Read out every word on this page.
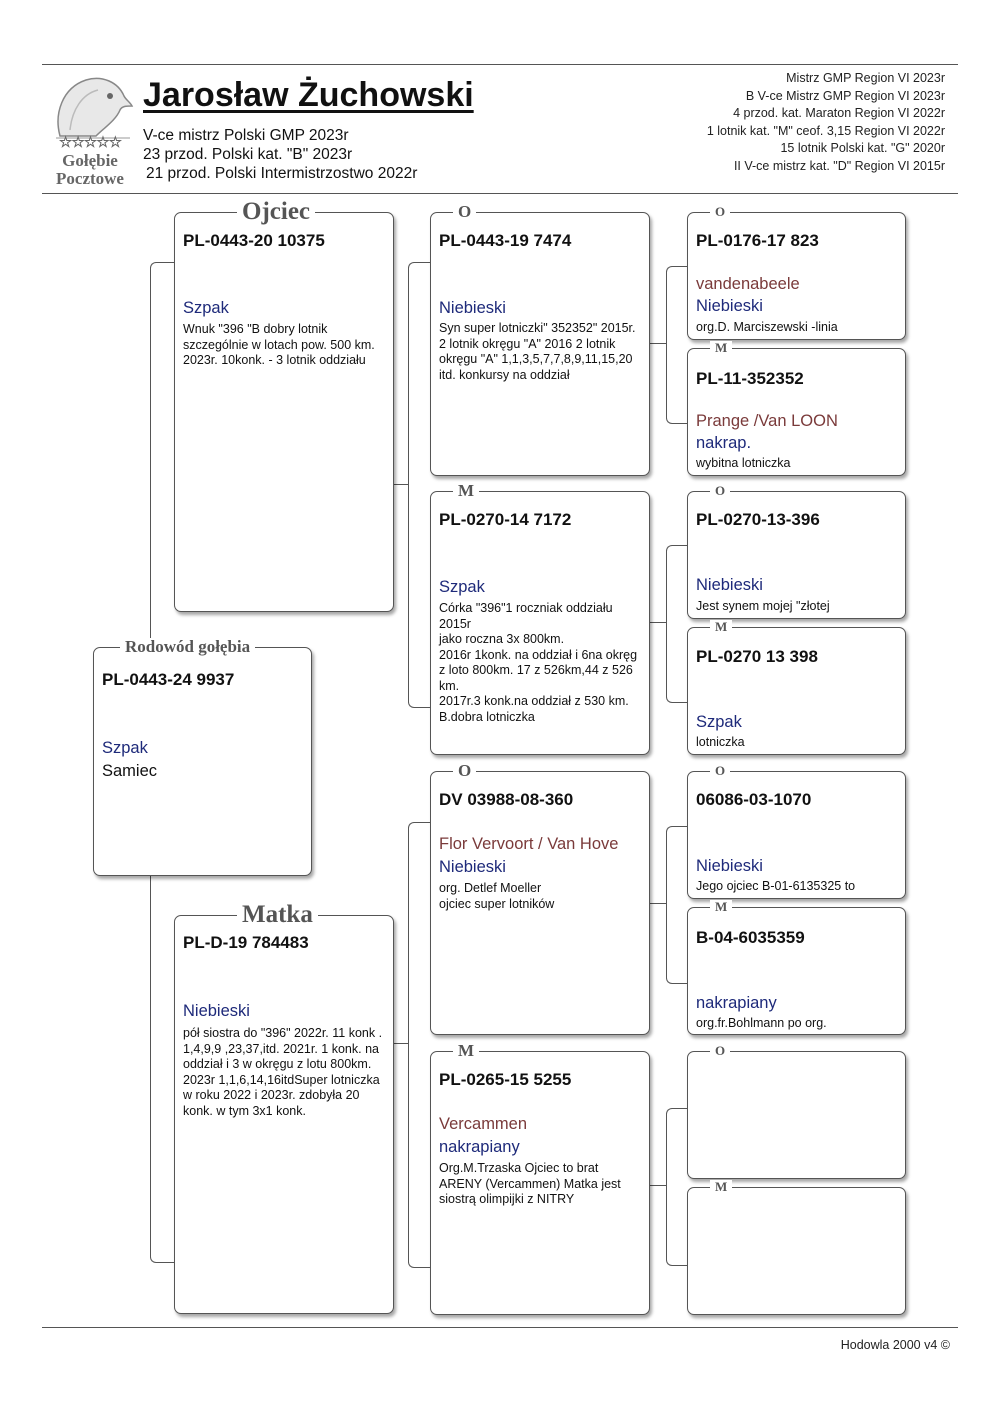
☆☆☆☆☆
Gołębie
Pocztowe
Jarosław Żuchowski
V-ce mistrz Polski GMP 2023r
23 przod. Polski kat. "B" 2023r
21 przod. Polski Intermistrzostwo 2022r
Mistrz GMP Region VI 2023r
B V-ce Mistrz GMP Region VI 2023r
4 przod. kat. Maraton Region VI 2022r
1 lotnik kat. "M" ceof. 3,15 Region VI 2022r
15 lotnik Polski kat. "G" 2020r
II V-ce mistrz kat. "D" Region VI 2015r
Rodowód gołębia
PL-0443-24 9937
Szpak
Samiec
Ojciec
PL-0443-20 10375
Szpak
Wnuk "396 "B dobry lotnik szczególnie w lotach pow. 500 km. 2023r. 10konk. - 3 lotnik oddziału
Matka
PL-D-19 784483
Niebieski
pół siostra do "396" 2022r. 11 konk . 1,4,9,9 ,23,37,itd. 2021r. 1 konk. na oddział i 3 w okręgu z lotu 800km. 2023r 1,1,6,14,16itdSuper lotniczka w roku 2022 i 2023r. zdobyła 20 konk. w tym 3x1 konk.
O
PL-0443-19 7474
Niebieski
Syn super lotniczki" 352352" 2015r. 2 lotnik okręgu "A" 2016 2 lotnik okręgu "A" 1,1,3,5,7,7,8,9,11,15,20 itd. konkursy na oddział
M
PL-0270-14 7172
Szpak
Córka "396"1 roczniak oddziału 2015r
jako roczna 3x 800km.
2016r 1konk. na oddział i 6na okręg z loto 800km. 17 z 526km,44 z 526 km.
2017r.3 konk.na oddział z 530 km. B.dobra lotniczka
O
DV 03988-08-360
Flor Vervoort / Van Hove
Niebieski
org. Detlef Moeller
ojciec super lotników
M
PL-0265-15 5255
Vercammen
nakrapiany
Org.M.Trzaska Ojciec to brat ARENY (Vercammen) Matka jest siostrą olimpijki z NITRY
O
PL-0176-17 823
vandenabeele
Niebieski
org.D. Marciszewski -linia
M
PL-11-352352
Prange /Van LOON
nakrap.
wybitna lotniczka
O
PL-0270-13-396
Niebieski
Jest synem mojej "złotej
M
PL-0270 13 398
Szpak
lotniczka
O
06086-03-1070
Niebieski
Jego ojciec B-01-6135325 to
M
B-04-6035359
nakrapiany
org.fr.Bohlmann po org.
O
M
Hodowla 2000 v4 ©
